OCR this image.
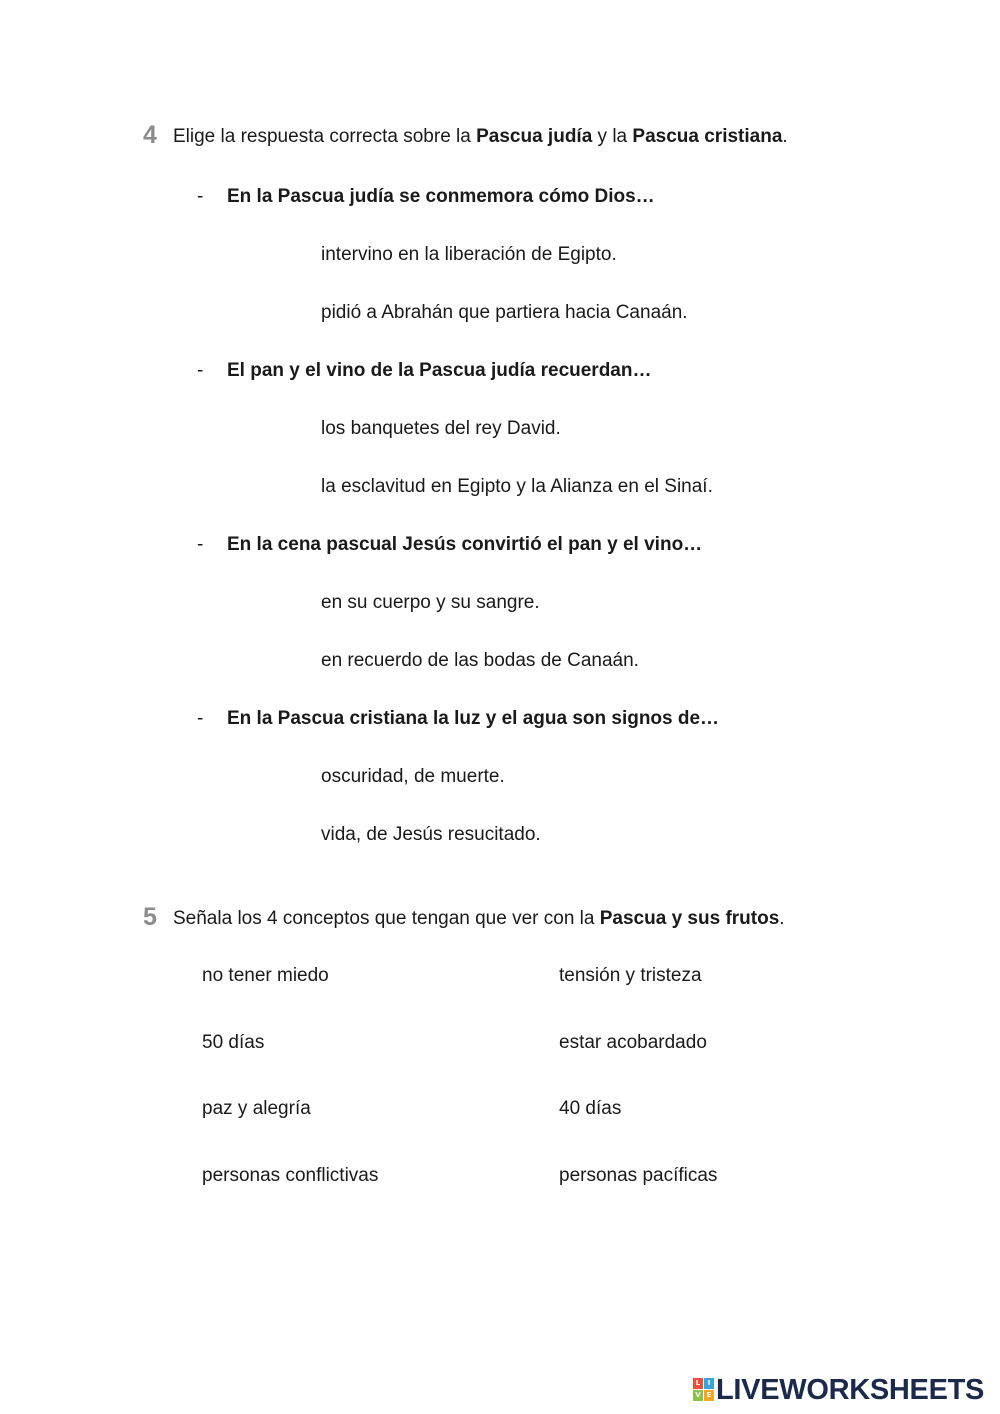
4 Elige la respuesta correcta sobre la Pascua judía y la Pascua cristiana.
- En la Pascua judía se conmemora cómo Dios…
intervino en la liberación de Egipto.
pidió a Abrahán que partiera hacia Canaán.
- El pan y el vino de la Pascua judía recuerdan…
los banquetes del rey David.
la esclavitud en Egipto y la Alianza en el Sinaí.
- En la cena pascual Jesús convirtió el pan y el vino…
en su cuerpo y su sangre.
en recuerdo de las bodas de Canaán.
- En la Pascua cristiana la luz y el agua son signos de…
oscuridad, de muerte.
vida, de Jesús resucitado.
5 Señala los 4 conceptos que tengan que ver con la Pascua y sus frutos.
no tener miedo
50 días
paz y alegría
personas conflictivas
tensión y tristeza
estar acobardado
40 días
personas pacíficas
L	I
V E LIVEWORKSHEETS
